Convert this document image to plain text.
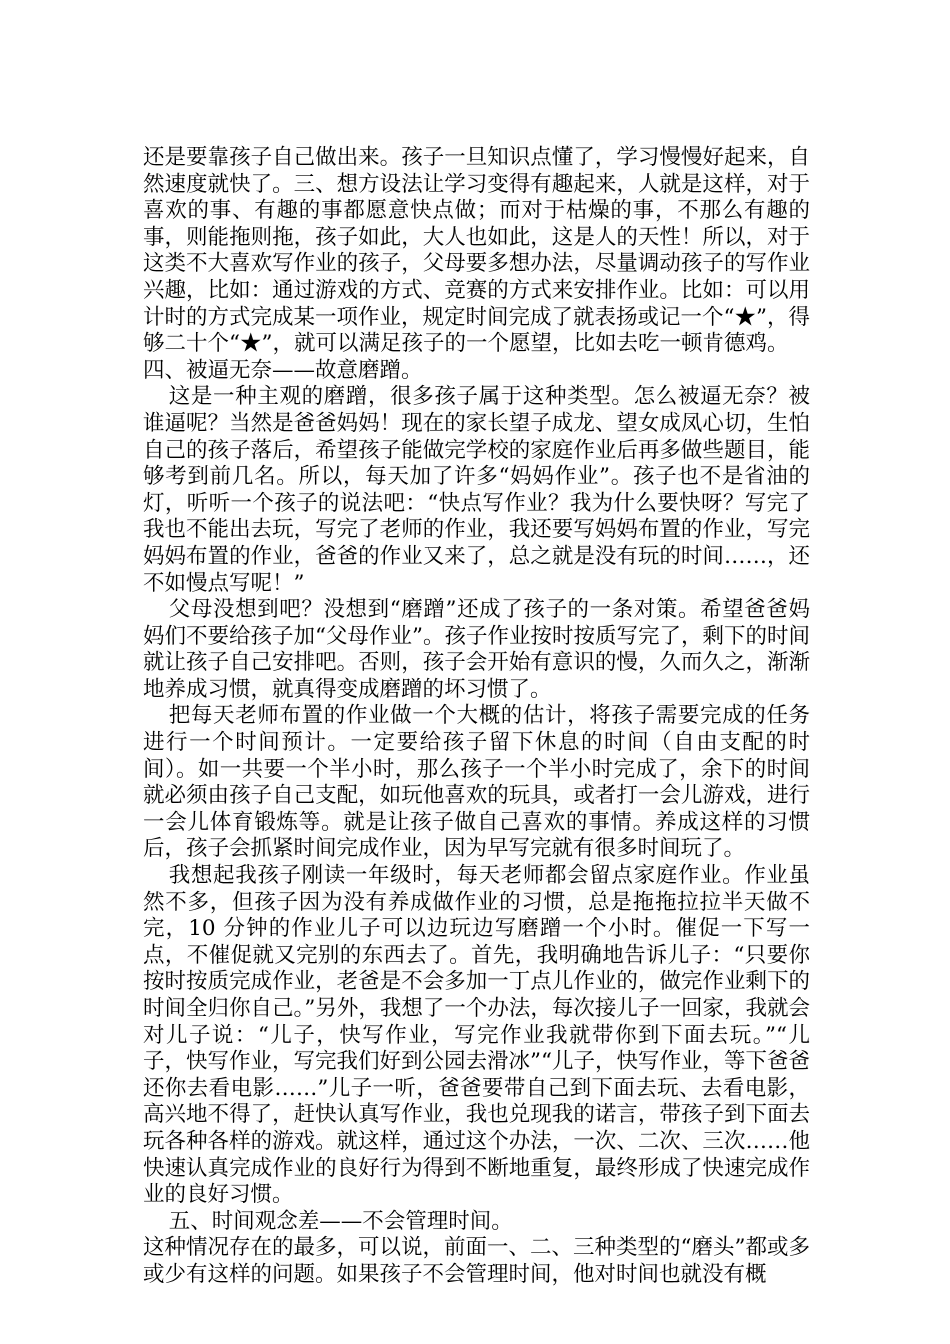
还是要靠孩子自己做出来。孩子一旦知识点懂了，学习慢慢好起来，自然速度就快了。三、想方设法让学习变得有趣起来，人就是这样，对于喜欢的事、有趣的事都愿意快点做；而对于枯燥的事，不那么有趣的事，则能拖则拖，孩子如此，大人也如此，这是人的天性！所以，对于这类不大喜欢写作业的孩子，父母要多想办法，尽量调动孩子的写作业兴趣，比如：通过游戏的方式、竞赛的方式来安排作业。比如：可以用计时的方式完成某一项作业，规定时间完成了就表扬或记一个“★”，得够二十个“★”，就可以满足孩子的一个愿望，比如去吃一顿肯德鸡。

四、被逼无奈——故意磨蹭。

这是一种主观的磨蹭，很多孩子属于这种类型。怎么被逼无奈？被谁逼呢？当然是爸爸妈妈！现在的家长望子成龙、望女成凤心切，生怕自己的孩子落后，希望孩子能做完学校的家庭作业后再多做些题目，能够考到前几名。所以，每天加了许多“妈妈作业”。孩子也不是省油的灯，听听一个孩子的说法吧：“快点写作业？我为什么要快呀？写完了我也不能出去玩，写完了老师的作业，我还要写妈妈布置的作业，写完妈妈布置的作业，爸爸的作业又来了，总之就是没有玩的时间……，还不如慢点写呢！”

父母没想到吧？没想到“磨蹭”还成了孩子的一条对策。希望爸爸妈妈们不要给孩子加“父母作业”。孩子作业按时按质写完了，剩下的时间就让孩子自己安排吧。否则，孩子会开始有意识的慢，久而久之，渐渐地养成习惯，就真得变成磨蹭的坏习惯了。

把每天老师布置的作业做一个大概的估计，将孩子需要完成的任务进行一个时间预计。一定要给孩子留下休息的时间（自由支配的时间）。如一共要一个半小时，那么孩子一个半小时完成了，余下的时间就必须由孩子自己支配，如玩他喜欢的玩具，或者打一会儿游戏，进行一会儿体育锻炼等。就是让孩子做自己喜欢的事情。养成这样的习惯后，孩子会抓紧时间完成作业，因为早写完就有很多时间玩了。

我想起我孩子刚读一年级时，每天老师都会留点家庭作业。作业虽然不多，但孩子因为没有养成做作业的习惯，总是拖拖拉拉半天做不完，10 分钟的作业儿子可以边玩边写磨蹭一个小时。催促一下写一点，不催促就又完别的东西去了。首先，我明确地告诉儿子：“只要你按时按质完成作业，老爸是不会多加一丁点儿作业的，做完作业剩下的时间全归你自己。”另外，我想了一个办法，每次接儿子一回家，我就会对儿子说：“儿子，快写作业，写完作业我就带你到下面去玩。”“儿子，快写作业，写完我们好到公园去滑冰”“儿子，快写作业，等下爸爸还你去看电影……”儿子一听，爸爸要带自己到下面去玩、去看电影，高兴地不得了，赶快认真写作业，我也兑现我的诺言，带孩子到下面去玩各种各样的游戏。就这样，通过这个办法，一次、二次、三次……他快速认真完成作业的良好行为得到不断地重复，最终形成了快速完成作业的良好习惯。

五、时间观念差——不会管理时间。

这种情况存在的最多，可以说，前面一、二、三种类型的“磨头”都或多或少有这样的问题。如果孩子不会管理时间，他对时间也就没有概
